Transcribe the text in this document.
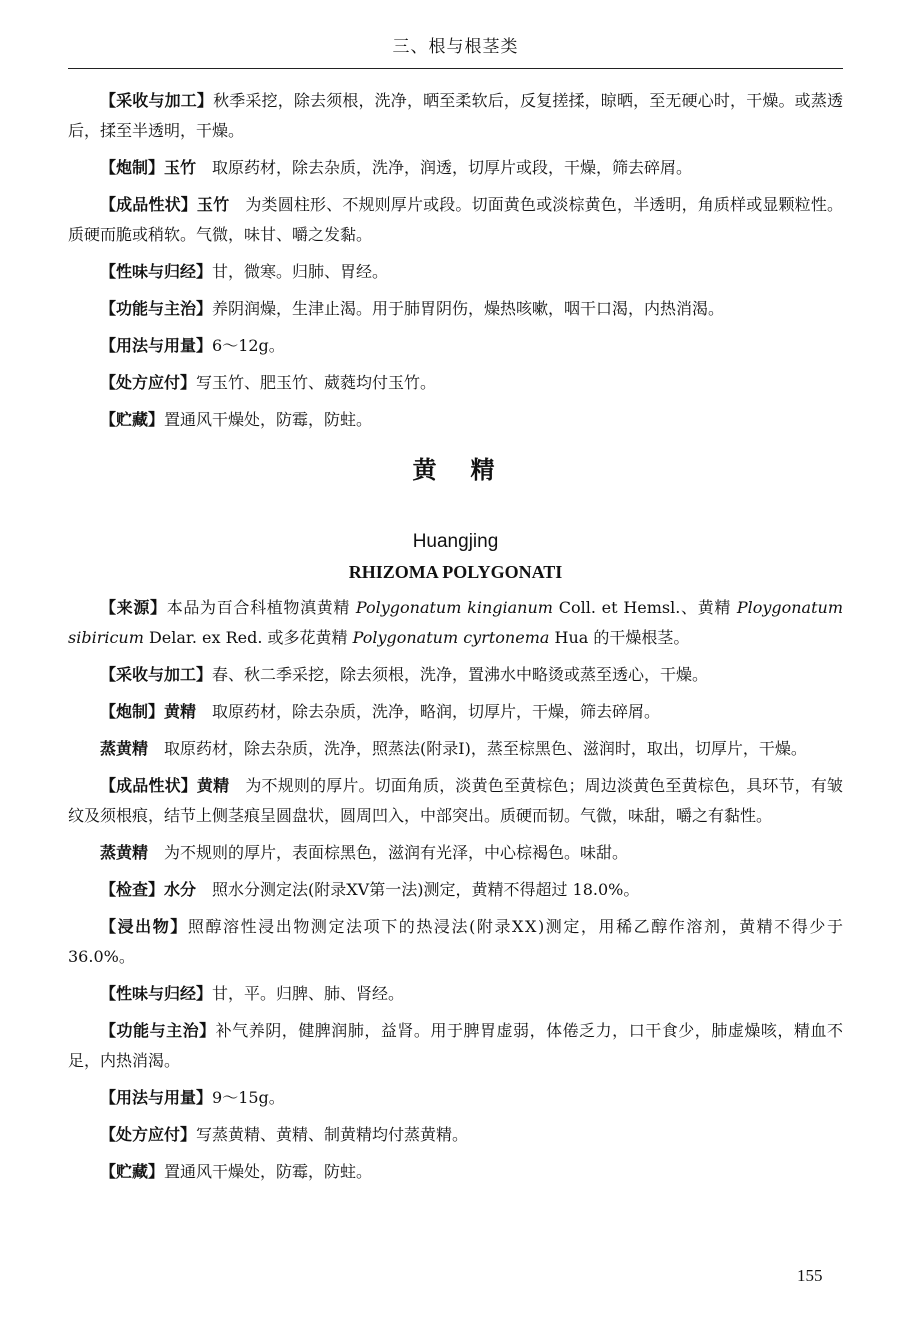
三、根与根茎类

【采收与加工】秋季采挖，除去须根，洗净，晒至柔软后，反复搓揉，晾晒，至无硬心时，干燥。或蒸透后，揉至半透明，干燥。

【炮制】玉竹　取原药材，除去杂质，洗净，润透，切厚片或段，干燥，筛去碎屑。

【成品性状】玉竹　为类圆柱形、不规则厚片或段。切面黄色或淡棕黄色，半透明，角质样或显颗粒性。质硬而脆或稍软。气微，味甘、嚼之发黏。

【性味与归经】甘，微寒。归肺、胃经。

【功能与主治】养阴润燥，生津止渴。用于肺胃阴伤，燥热咳嗽，咽干口渴，内热消渴。

【用法与用量】6～12g。

【处方应付】写玉竹、肥玉竹、葳蕤均付玉竹。

【贮藏】置通风干燥处，防霉，防蛀。

黄精
Huangjing
RHIZOMA POLYGONATI

【来源】本品为百合科植物滇黄精 Polygonatum kingianum Coll. et Hemsl.、黄精 Ploygonatum sibiricum Delar. ex Red. 或多花黄精 Polygonatum cyrtonema Hua 的干燥根茎。

【采收与加工】春、秋二季采挖，除去须根，洗净，置沸水中略烫或蒸至透心，干燥。

【炮制】黄精　取原药材，除去杂质，洗净，略润，切厚片，干燥，筛去碎屑。

蒸黄精　取原药材，除去杂质，洗净，照蒸法(附录Ⅰ)，蒸至棕黑色、滋润时，取出，切厚片，干燥。

【成品性状】黄精　为不规则的厚片。切面角质，淡黄色至黄棕色；周边淡黄色至黄棕色，具环节，有皱纹及须根痕，结节上侧茎痕呈圆盘状，圆周凹入，中部突出。质硬而韧。气微，味甜，嚼之有黏性。

蒸黄精　为不规则的厚片，表面棕黑色，滋润有光泽，中心棕褐色。味甜。

【检查】水分　照水分测定法(附录ⅩⅤ第一法)测定，黄精不得超过 18.0%。

【浸出物】照醇溶性浸出物测定法项下的热浸法(附录ⅩⅩ)测定，用稀乙醇作溶剂，黄精不得少于 36.0%。

【性味与归经】甘，平。归脾、肺、肾经。

【功能与主治】补气养阴，健脾润肺，益肾。用于脾胃虚弱，体倦乏力，口干食少，肺虚燥咳，精血不足，内热消渴。

【用法与用量】9～15g。

【处方应付】写蒸黄精、黄精、制黄精均付蒸黄精。

【贮藏】置通风干燥处，防霉，防蛀。

155
